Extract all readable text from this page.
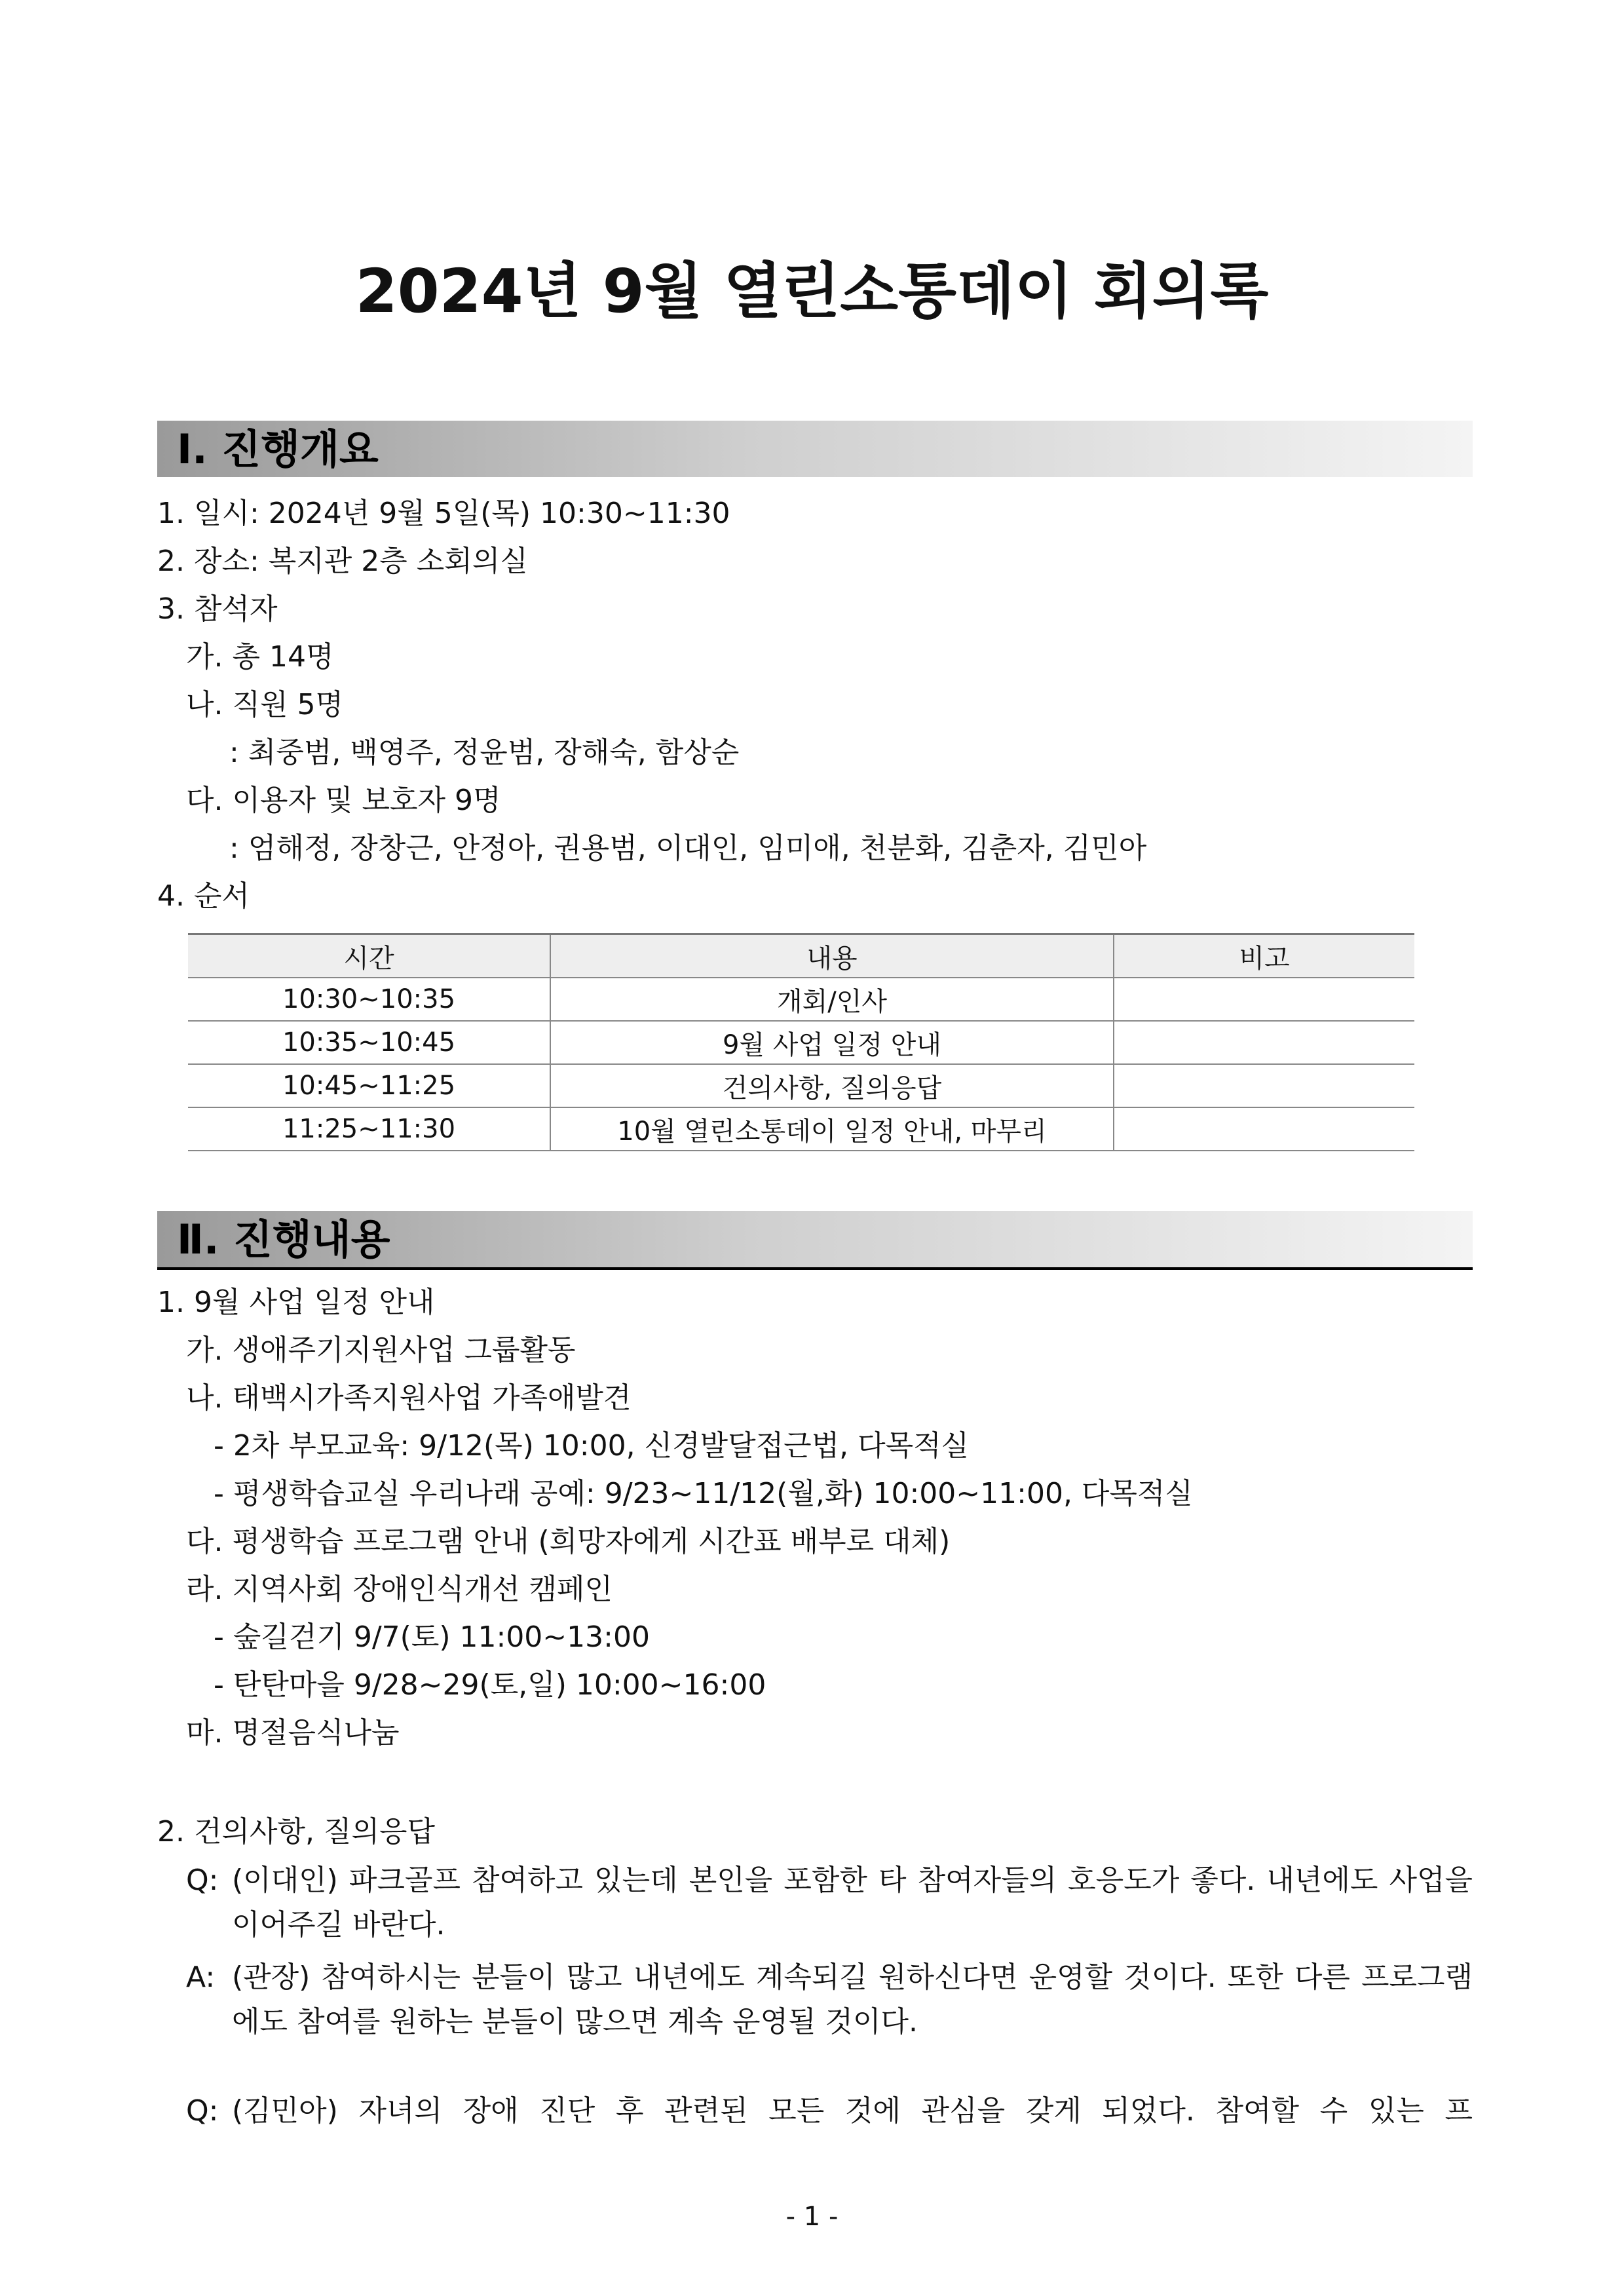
2024년 9월 열린소통데이 회의록
Ⅰ. 진행개요
1. 일시: 2024년 9월 5일(목) 10:30~11:30
2. 장소: 복지관 2층 소회의실
3. 참석자
가. 총 14명
나. 직원 5명
: 최중범, 백영주, 정윤범, 장해숙, 함상순
다. 이용자 및 보호자 9명
: 엄해정, 장창근, 안정아, 권용범, 이대인, 임미애, 천분화, 김춘자, 김민아
4. 순서
시간	내용	비고
10:30~10:35	개회/인사	
10:35~10:45	9월 사업 일정 안내	
10:45~11:25	건의사항, 질의응답	
11:25~11:30	10월 열린소통데이 일정 안내, 마무리	
Ⅱ. 진행내용
1. 9월 사업 일정 안내
가. 생애주기지원사업 그룹활동
나. 태백시가족지원사업 가족애발견
- 2차 부모교육: 9/12(목) 10:00, 신경발달접근법, 다목적실
- 평생학습교실 우리나래 공예: 9/23~11/12(월,화) 10:00~11:00, 다목적실
다. 평생학습 프로그램 안내 (희망자에게 시간표 배부로 대체)
라. 지역사회 장애인식개선 캠페인
- 숲길걷기 9/7(토) 11:00~13:00
- 탄탄마을 9/28~29(토,일) 10:00~16:00
마. 명절음식나눔
2. 건의사항, 질의응답
Q: (이대인) 파크골프 참여하고 있는데 본인을 포함한 타 참여자들의 호응도가 좋다. 내년에도 사업을 이어주길 바란다.
A: (관장) 참여하시는 분들이 많고 내년에도 계속되길 원하신다면 운영할 것이다. 또한 다른 프로그램에도 참여를 원하는 분들이 많으면 계속 운영될 것이다.
Q: (김민아) 자녀의 장애 진단 후 관련된 모든 것에 관심을 갖게 되었다. 참여할 수 있는 프
- 1 -
